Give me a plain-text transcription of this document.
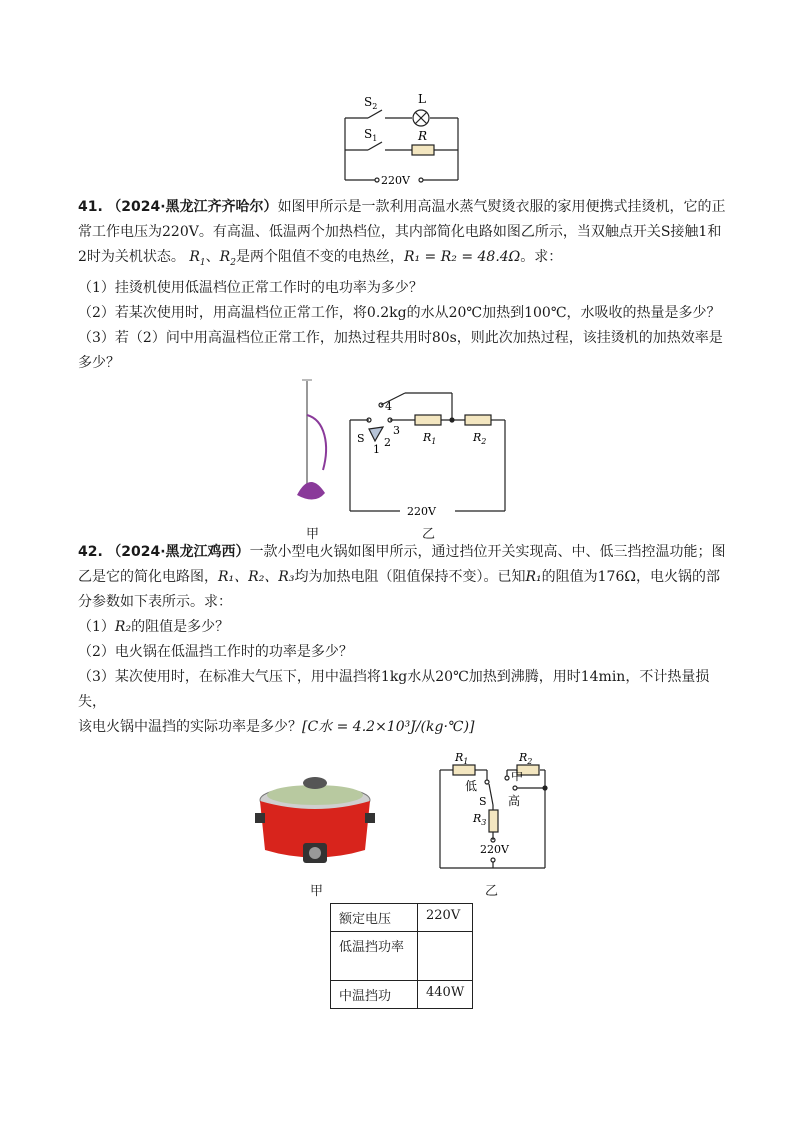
$S_2$
L
$S_1$	R
220V
41. （2024·黑龙江齐齐哈尔）如图甲所示是一款利用高温水蒸气熨烫衣服的家用便携式挂烫机，它的正
常工作电压为220V。有高温、低温两个加热档位，其内部简化电路如图乙所示，当双触点开关S接触1和
2时为关机状态。 $R_1$、$R_2$是两个阻值不变的电热丝，R₁ = R₂ = 48.4Ω。求：
（1）挂烫机使用低温档位正常工作时的电功率为多少？
（2）若某次使用时，用高温档位正常工作，将0.2kg的水从20℃加热到100℃，水吸收的热量是多少？
（3）若（2）问中用高温档位正常工作，加热过程共用时80s，则此次加热过程，该挂烫机的加热效率是
多少？
甲
4
3
2
1
S	$R_1$	$R_2$
220V
乙
42. （2024·黑龙江鸡西）一款小型电火锅如图甲所示，通过挡位开关实现高、中、低三挡控温功能；图
乙是它的简化电路图，R₁、R₂、R₃均为加热电阻（阻值保持不变）。已知R₁的阻值为176Ω，电火锅的部
分参数如下表所示。求：
（1）R₂的阻值是多少？
（2）电火锅在低温挡工作时的功率是多少？
（3）某次使用时，在标准大气压下，用中温挡将1kg水从20℃加热到沸腾，用时14min，不计热量损失，
该电火锅中温挡的实际功率是多少？[C水 = 4.2×10³J/(kg·℃)]
甲
$R_1$	$R_2$
低
中
高
S
$R_3$
220V
乙
额定电压	220V
低温挡功率	
中温挡功	440W
